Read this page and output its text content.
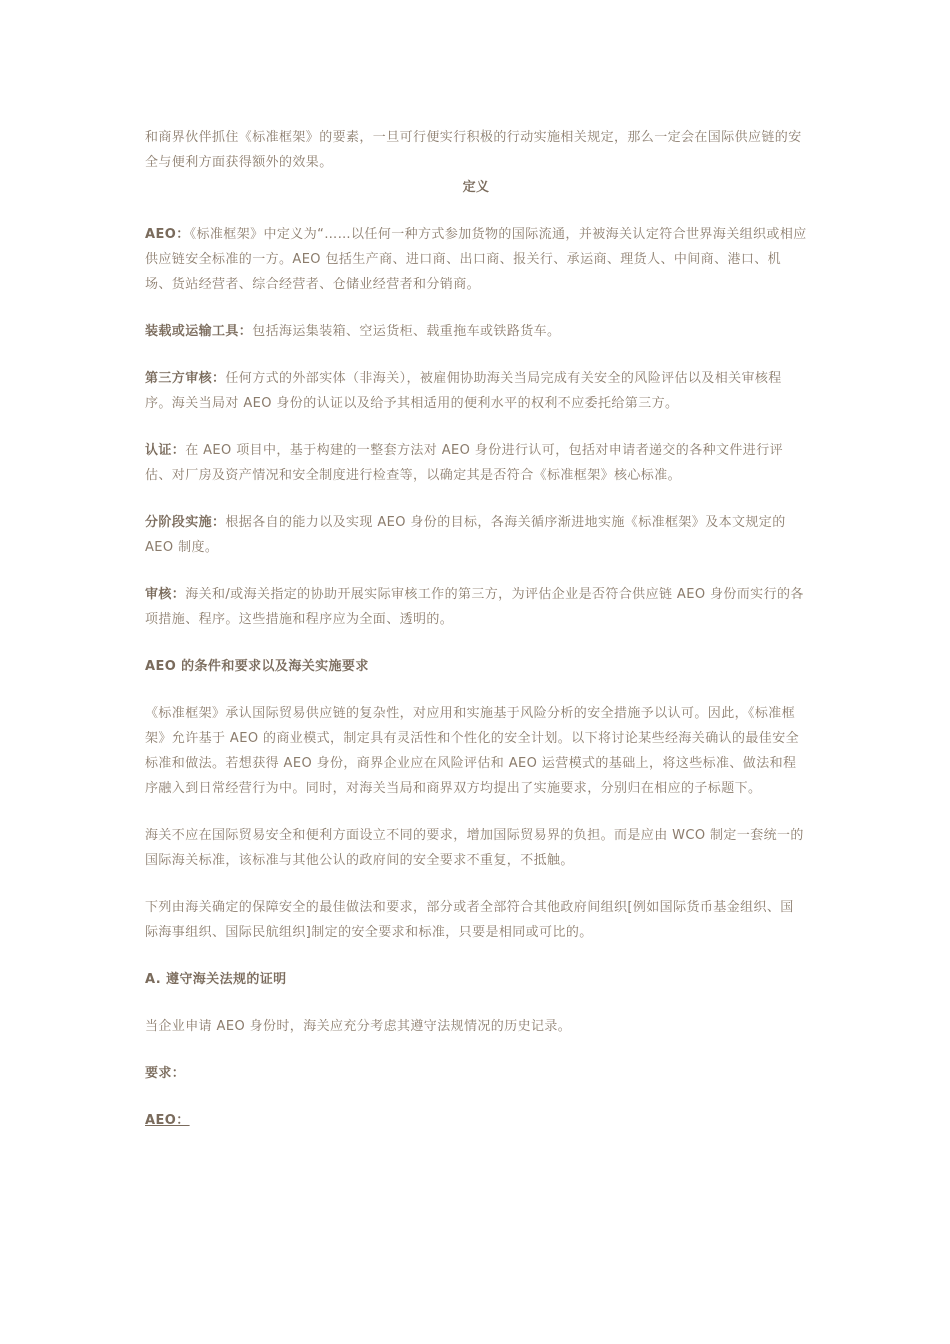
和商界伙伴抓住《标准框架》的要素，一旦可行便实行积极的行动实施相关规定，那么一定会在国际供应链的安全与便利方面获得额外的效果。

定义

AEO：《标准框架》中定义为“……以任何一种方式参加货物的国际流通，并被海关认定符合世界海关组织或相应供应链安全标准的一方。AEO 包括生产商、进口商、出口商、报关行、承运商、理货人、中间商、港口、机场、货站经营者、综合经营者、仓储业经营者和分销商。

装载或运输工具：包括海运集装箱、空运货柜、载重拖车或铁路货车。

第三方审核：任何方式的外部实体（非海关），被雇佣协助海关当局完成有关安全的风险评估以及相关审核程序。海关当局对 AEO 身份的认证以及给予其相适用的便利水平的权利不应委托给第三方。

认证：在 AEO 项目中，基于构建的一整套方法对 AEO 身份进行认可，包括对申请者递交的各种文件进行评估、对厂房及资产情况和安全制度进行检查等，以确定其是否符合《标准框架》核心标准。

分阶段实施：根据各自的能力以及实现 AEO 身份的目标，各海关循序渐进地实施《标准框架》及本文规定的 AEO 制度。

审核：海关和/或海关指定的协助开展实际审核工作的第三方，为评估企业是否符合供应链 AEO 身份而实行的各项措施、程序。这些措施和程序应为全面、透明的。

AEO 的条件和要求以及海关实施要求

《标准框架》承认国际贸易供应链的复杂性，对应用和实施基于风险分析的安全措施予以认可。因此，《标准框架》允许基于 AEO 的商业模式，制定具有灵活性和个性化的安全计划。以下将讨论某些经海关确认的最佳安全标准和做法。若想获得 AEO 身份，商界企业应在风险评估和 AEO 运营模式的基础上，将这些标准、做法和程序融入到日常经营行为中。同时，对海关当局和商界双方均提出了实施要求，分别归在相应的子标题下。

海关不应在国际贸易安全和便利方面设立不同的要求，增加国际贸易界的负担。而是应由 WCO 制定一套统一的国际海关标准，该标准与其他公认的政府间的安全要求不重复，不抵触。

下列由海关确定的保障安全的最佳做法和要求，部分或者全部符合其他政府间组织[例如国际货币基金组织、国际海事组织、国际民航组织]制定的安全要求和标准，只要是相同或可比的。

A. 遵守海关法规的证明

当企业申请 AEO 身份时，海关应充分考虑其遵守法规情况的历史记录。

要求：

AEO：
